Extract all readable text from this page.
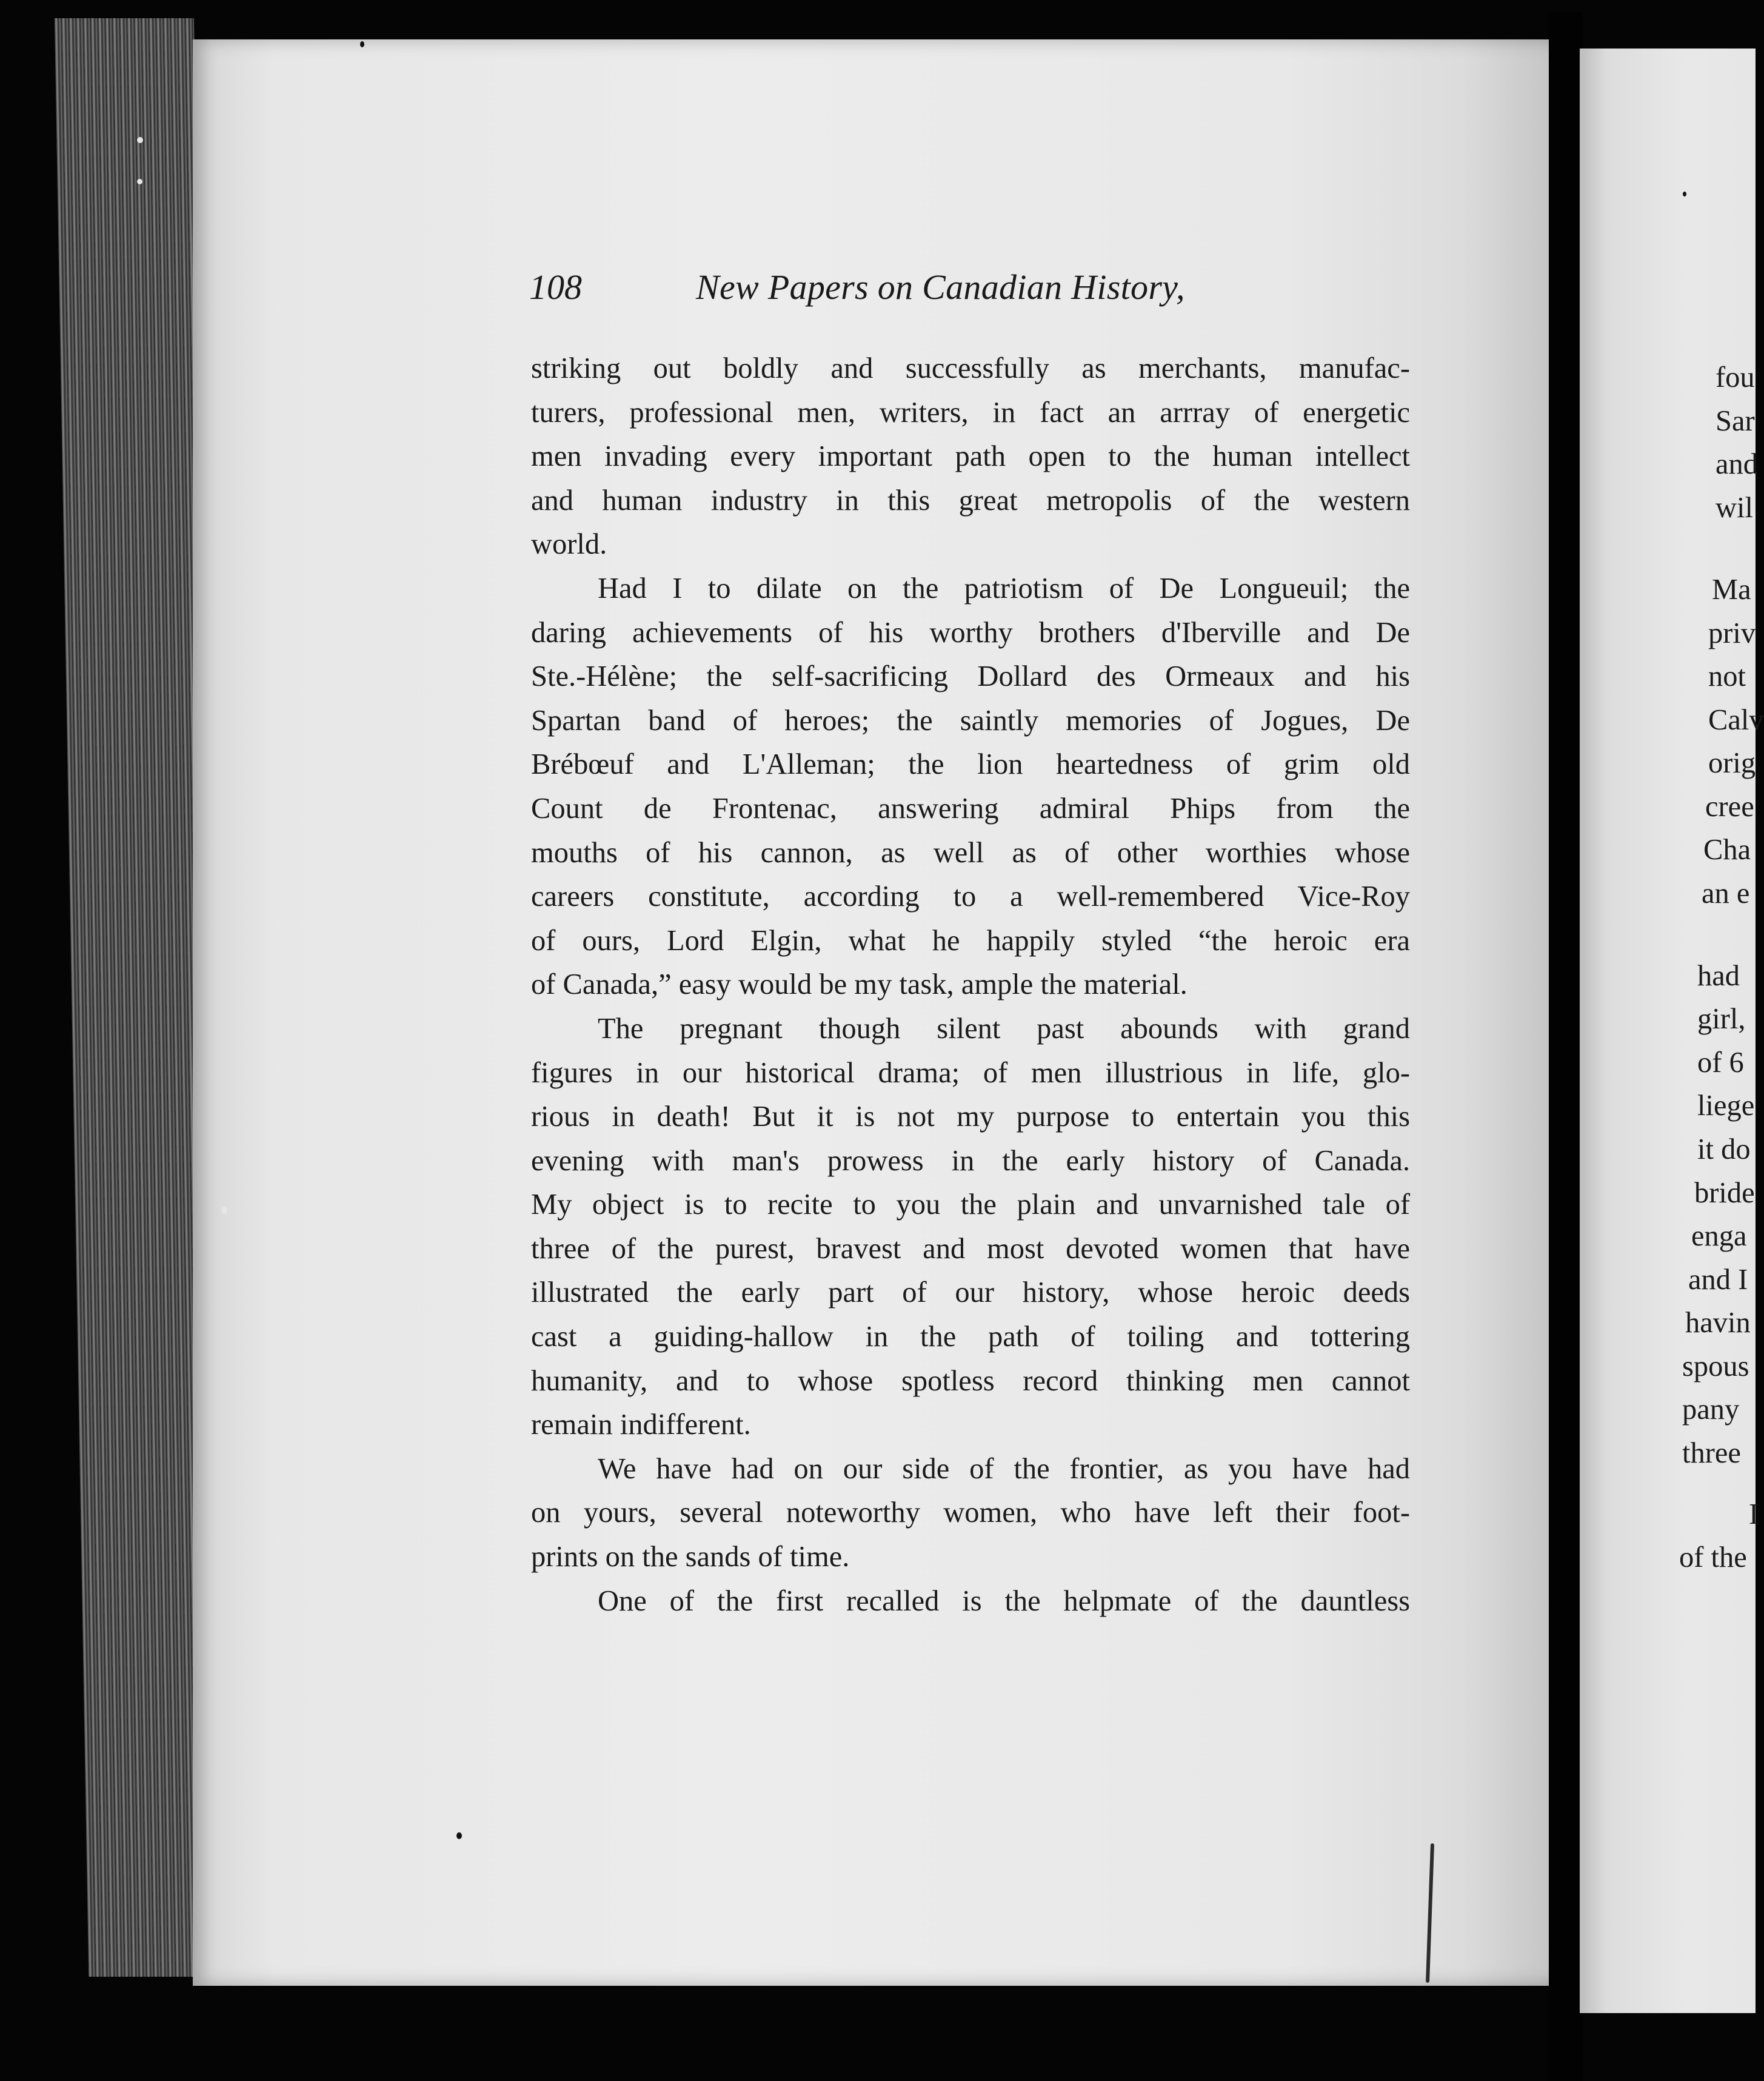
108	New Papers on Canadian History,
striking out boldly and successfully as merchants, manufac-
turers, professional men, writers, in fact an arrray of energetic
men invading every important path open to the human intellect
and human industry in this great metropolis of the western
world.
Had I to dilate on the patriotism of De Longueuil; the
daring achievements of his worthy brothers d'Iberville and De
Ste.-Hélène; the self-sacrificing Dollard des Ormeaux and his
Spartan band of heroes; the saintly memories of Jogues, De
Brébœuf and L'Alleman; the lion heartedness of grim old
Count de Frontenac, answering admiral Phips from the
mouths of his cannon, as well as of other worthies whose
careers constitute, according to a well-remembered Vice-Roy
of ours, Lord Elgin, what he happily styled “the heroic era
of Canada,” easy would be my task, ample the material.
The pregnant though silent past abounds with grand
figures in our historical drama; of men illustrious in life, glo-
rious in death! But it is not my purpose to entertain you this
evening with man's prowess in the early history of Canada.
My object is to recite to you the plain and unvarnished tale of
three of the purest, bravest and most devoted women that have
illustrated the early part of our history, whose heroic deeds
cast a guiding-hallow in the path of toiling and tottering
humanity, and to whose spotless record thinking men cannot
remain indifferent.
We have had on our side of the frontier, as you have had
on yours, several noteworthy women, who have left their foot-
prints on the sands of time.
One of the first recalled is the helpmate of the dauntless
fou
Sar
and
wil
Ma
priv
not
Calv
orig
cree
Cha
an e
had
girl,
of 6
liege
it do
bride
enga
and I
havin
spous
pany
three
I
of the
